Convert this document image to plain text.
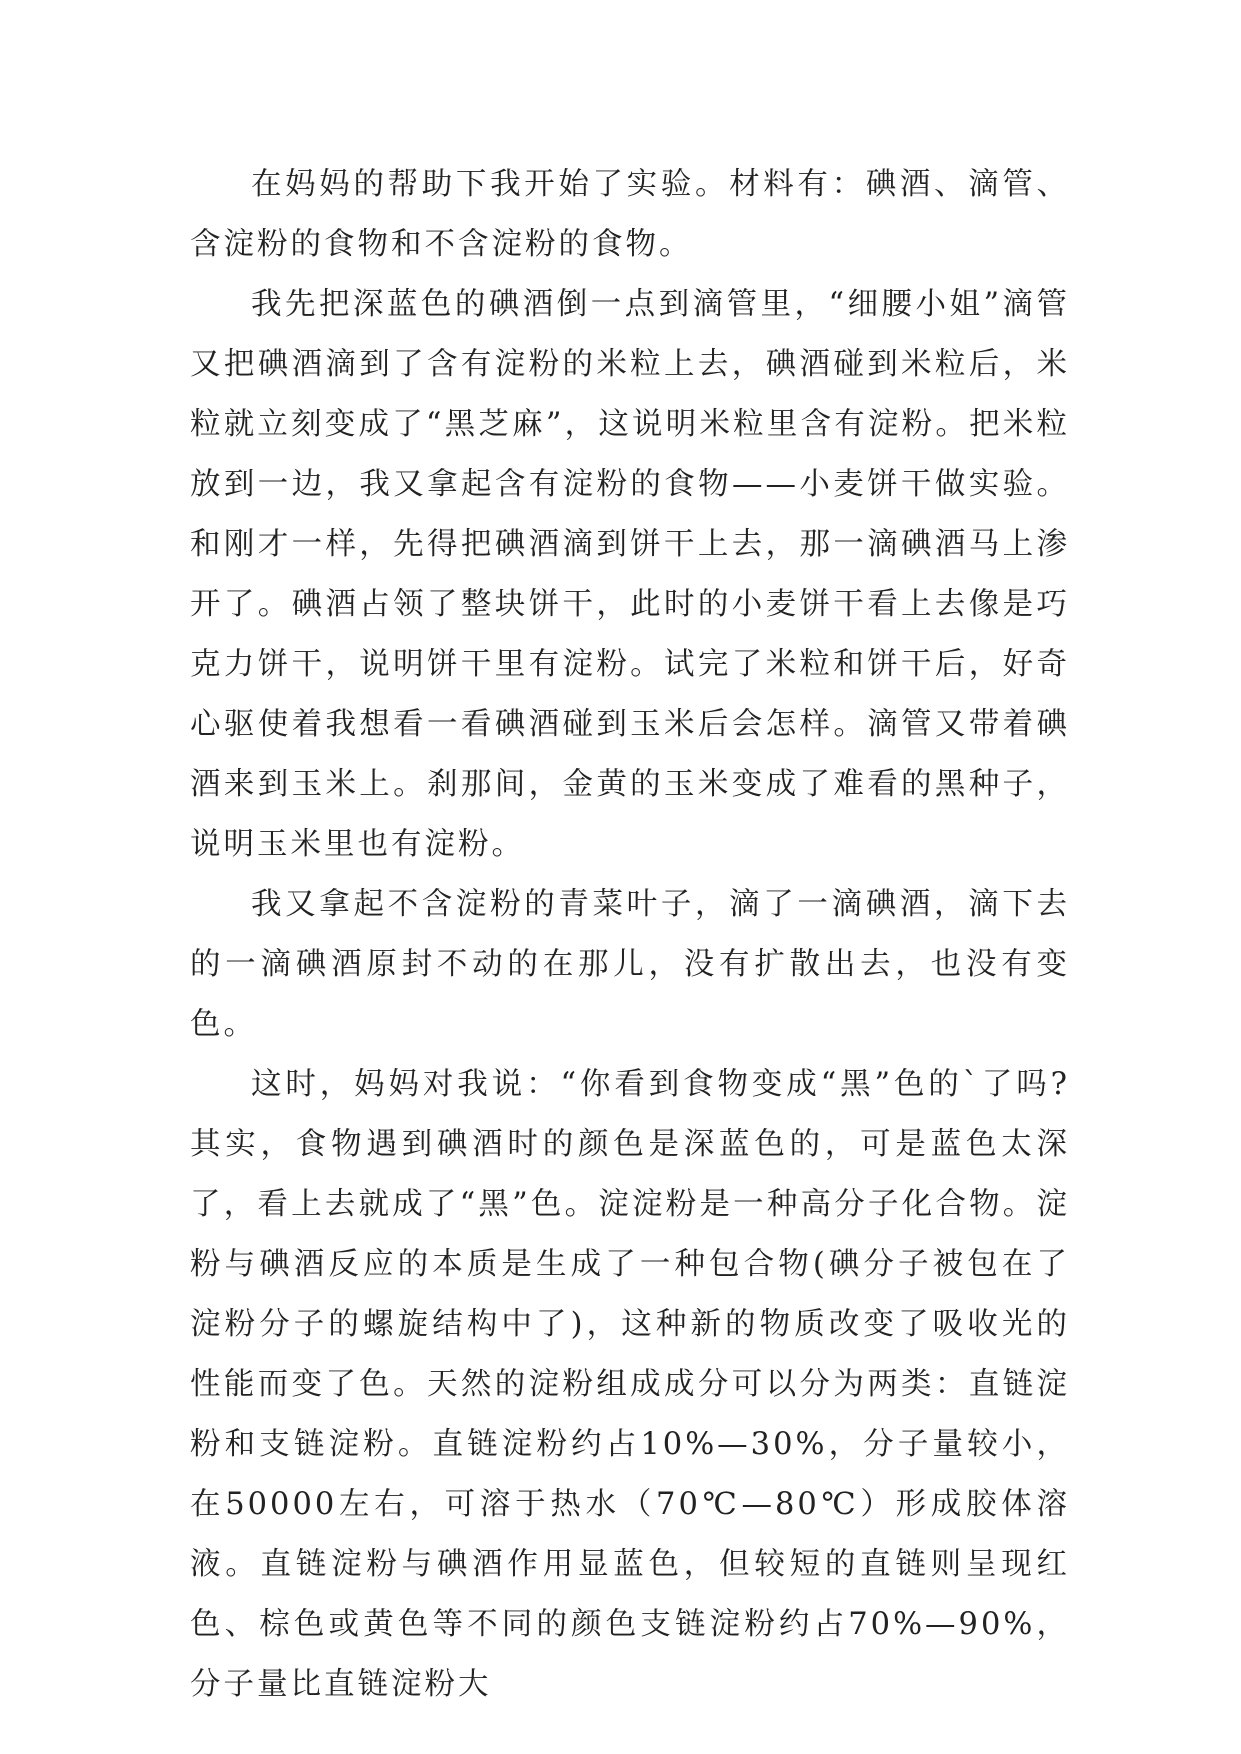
在妈妈的帮助下我开始了实验。材料有：碘酒、滴管、含淀粉的食物和不含淀粉的食物。

我先把深蓝色的碘酒倒一点到滴管里，“细腰小姐”滴管又把碘酒滴到了含有淀粉的米粒上去，碘酒碰到米粒后，米粒就立刻变成了“黑芝麻”，这说明米粒里含有淀粉。把米粒放到一边，我又拿起含有淀粉的食物——小麦饼干做实验。和刚才一样，先得把碘酒滴到饼干上去，那一滴碘酒马上渗开了。碘酒占领了整块饼干，此时的小麦饼干看上去像是巧克力饼干，说明饼干里有淀粉。试完了米粒和饼干后，好奇心驱使着我想看一看碘酒碰到玉米后会怎样。滴管又带着碘酒来到玉米上。刹那间，金黄的玉米变成了难看的黑种子，说明玉米里也有淀粉。

我又拿起不含淀粉的青菜叶子，滴了一滴碘酒，滴下去的一滴碘酒原封不动的在那儿，没有扩散出去，也没有变色。

这时，妈妈对我说：“你看到食物变成“黑”色的`了吗?其实，食物遇到碘酒时的颜色是深蓝色的，可是蓝色太深了，看上去就成了“黑”色。淀淀粉是一种高分子化合物。淀粉与碘酒反应的本质是生成了一种包合物(碘分子被包在了淀粉分子的螺旋结构中了)，这种新的物质改变了吸收光的性能而变了色。天然的淀粉组成成分可以分为两类：直链淀粉和支链淀粉。直链淀粉约占10%—30%，分子量较小，在50000左右，可溶于热水（70℃—80℃）形成胶体溶液。直链淀粉与碘酒作用显蓝色，但较短的直链则呈现红色、棕色或黄色等不同的颜色支链淀粉约占70%—90%，分子量比直链淀粉大
